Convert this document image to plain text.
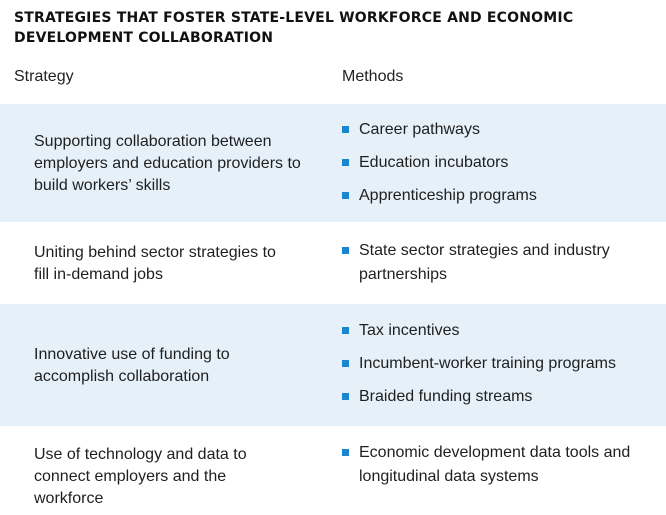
STRATEGIES THAT FOSTER STATE-LEVEL WORKFORCE AND ECONOMIC DEVELOPMENT COLLABORATION
Strategy	Methods
Supporting collaboration between employers and education providers to build workers’ skills
Career pathways
Education incubators
Apprenticeship programs
Uniting behind sector strategies to fill in-demand jobs
State sector strategies and industry partnerships
Innovative use of funding to accomplish collaboration
Tax incentives
Incumbent-worker training programs
Braided funding streams
Use of technology and data to connect employers and the workforce
Economic development data tools and longitudinal data systems
